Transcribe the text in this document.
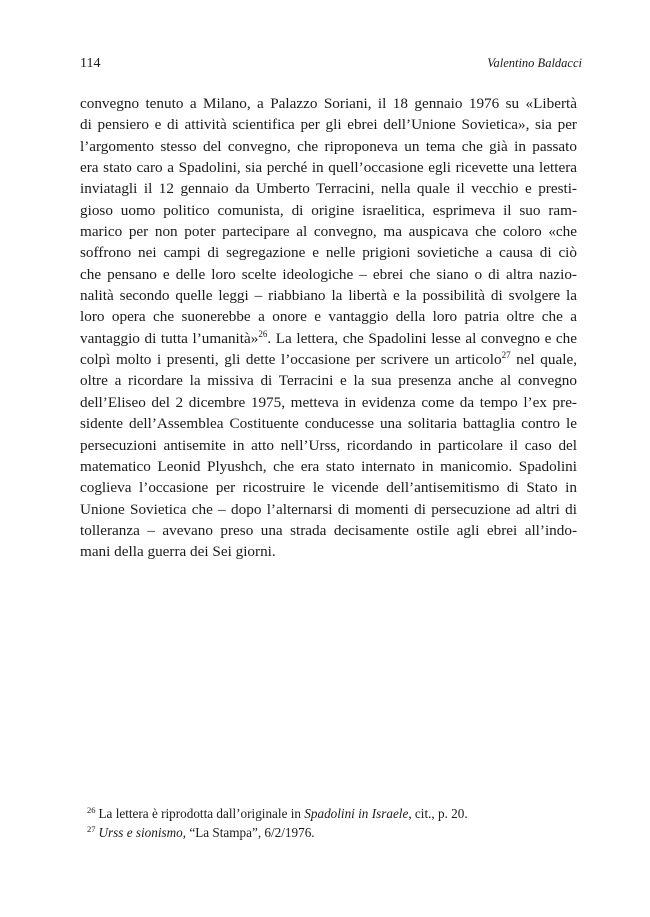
114	Valentino Baldacci
convegno tenuto a Milano, a Palazzo Soriani, il 18 gennaio 1976 su «Libertà
di pensiero e di attività scientifica per gli ebrei dell’Unione Sovietica», sia per
l’argomento stesso del convegno, che riproponeva un tema che già in passato
era stato caro a Spadolini, sia perché in quell’occasione egli ricevette una lettera
inviatagli il 12 gennaio da Umberto Terracini, nella quale il vecchio e presti-
gioso uomo politico comunista, di origine israelitica, esprimeva il suo ram-
marico per non poter partecipare al convegno, ma auspicava che coloro «che
soffrono nei campi di segregazione e nelle prigioni sovietiche a causa di ciò
che pensano e delle loro scelte ideologiche – ebrei che siano o di altra nazio-
nalità secondo quelle leggi – riabbiano la libertà e la possibilità di svolgere la
loro opera che suonerebbe a onore e vantaggio della loro patria oltre che a
vantaggio di tutta l’umanità»$^{26}$. La lettera, che Spadolini lesse al convegno e che
colpì molto i presenti, gli dette l’occasione per scrivere un articolo$^{27}$ nel quale,
oltre a ricordare la missiva di Terracini e la sua presenza anche al convegno
dell’Eliseo del 2 dicembre 1975, metteva in evidenza come da tempo l’ex pre-
sidente dell’Assemblea Costituente conducesse una solitaria battaglia contro le
persecuzioni antisemite in atto nell’Urss, ricordando in particolare il caso del
matematico Leonid Plyushch, che era stato internato in manicomio. Spadolini
coglieva l’occasione per ricostruire le vicende dell’antisemitismo di Stato in
Unione Sovietica che – dopo l’alternarsi di momenti di persecuzione ad altri di
tolleranza – avevano preso una strada decisamente ostile agli ebrei all’indo-
mani della guerra dei Sei giorni.
$^{26}$ La lettera è riprodotta dall’originale in Spadolini in Israele, cit., p. 20.
$^{27}$ Urss e sionismo, “La Stampa”, 6/2/1976.
